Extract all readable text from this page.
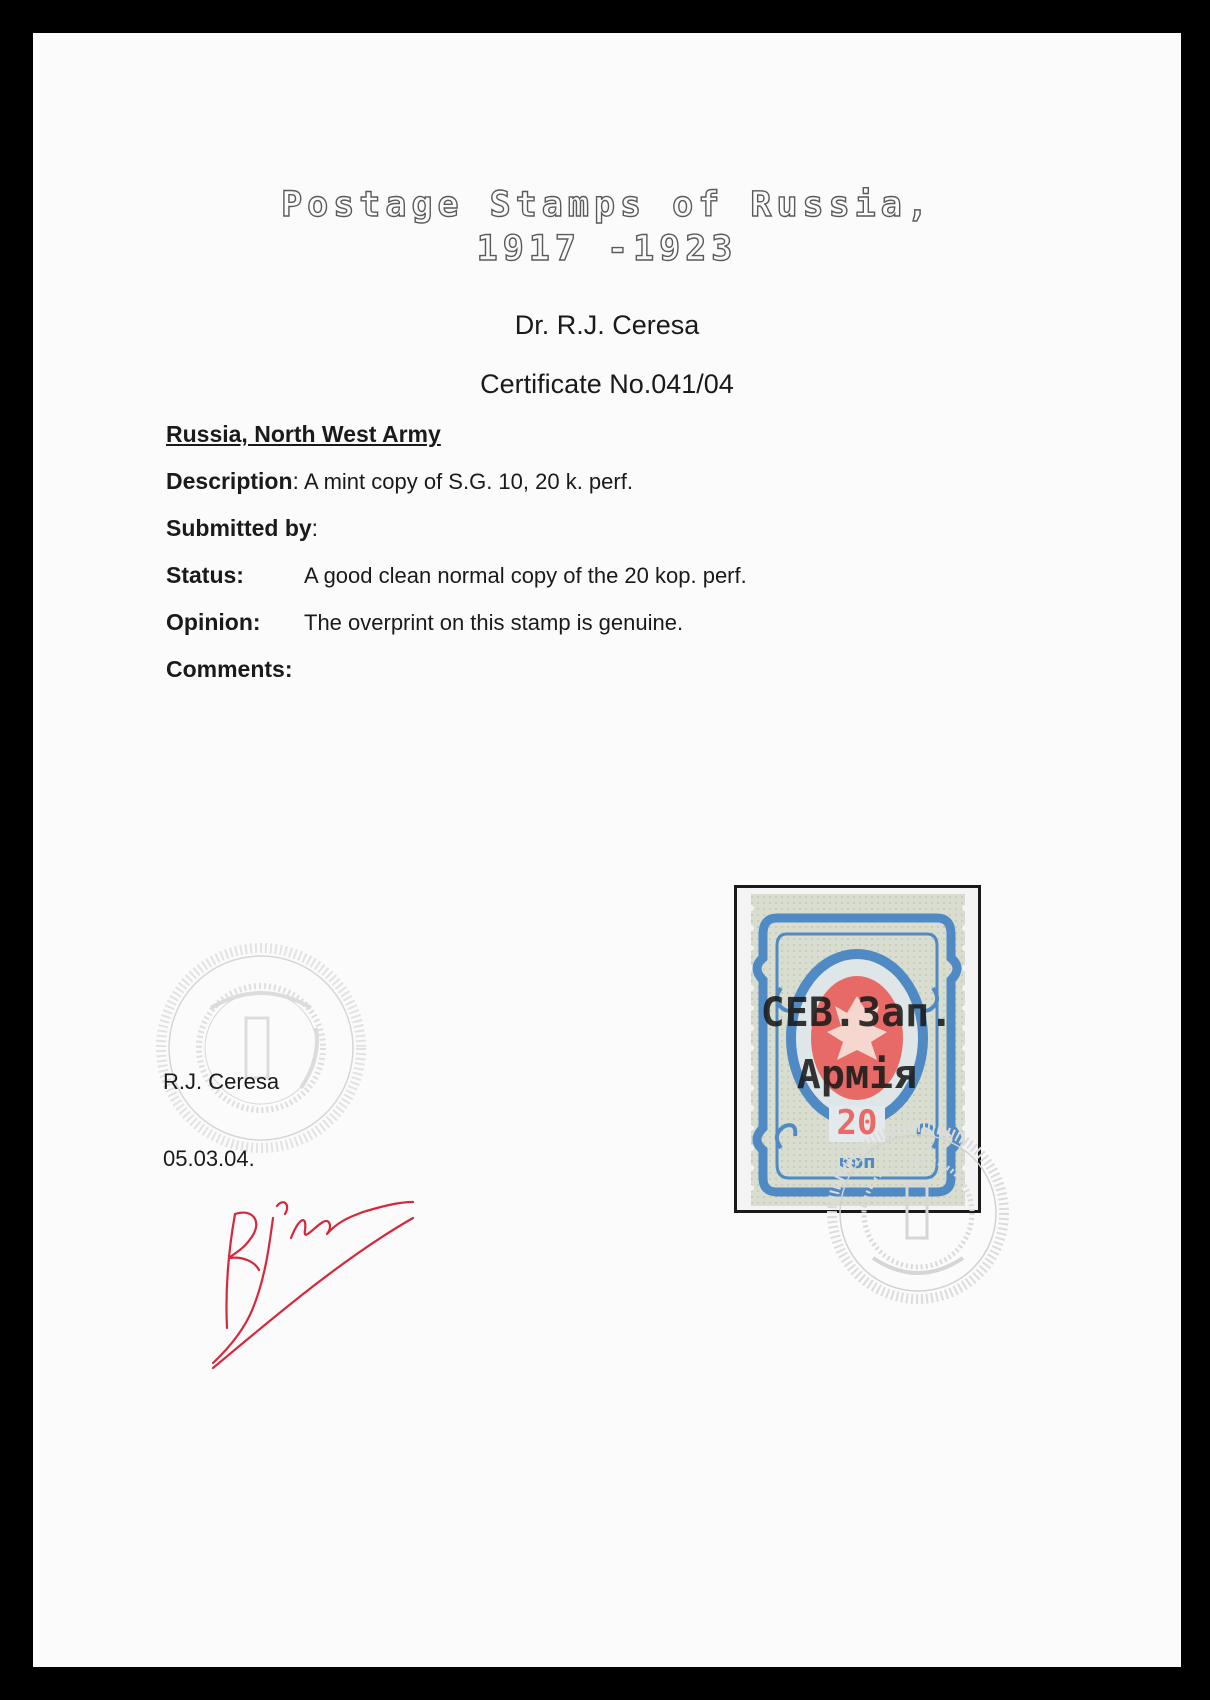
Postage Stamps of Russia,
1917 -1923
Dr. R.J. Ceresa
Certificate No.041/04
Russia, North West Army
Description: A mint copy of S.G. 10, 20 k. perf.
Submitted by:
Status:	A good clean normal copy of the 20 kop. perf.
Opinion: The overprint on this stamp is genuine.
Comments:
R.J. Ceresa
05.03.04.
20
коп
СЕВ.Зап.
Армія
